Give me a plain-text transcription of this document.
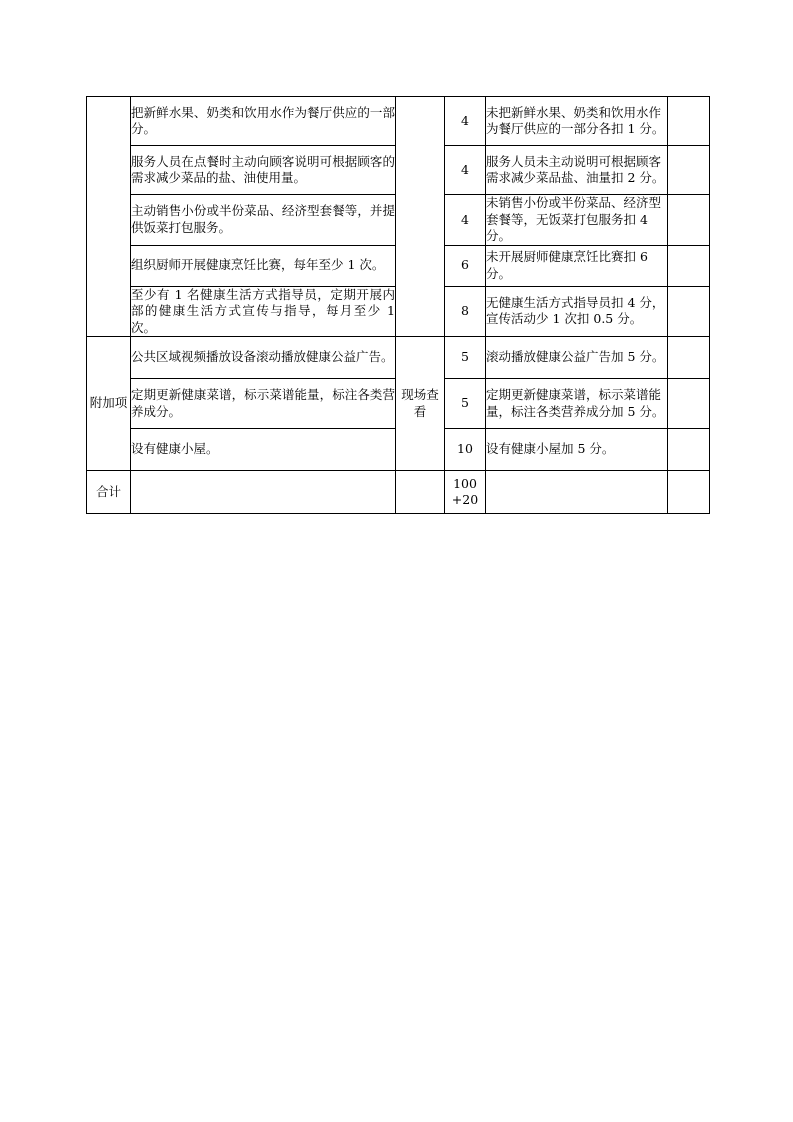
	把新鲜水果、奶类和饮用水作为餐厅供应的一部分。		4	未把新鲜水果、奶类和饮用水作为餐厅供应的一部分各扣 1 分。	
	服务人员在点餐时主动向顾客说明可根据顾客的需求减少菜品的盐、油使用量。		4	服务人员未主动说明可根据顾客需求减少菜品盐、油量扣 2 分。	
	主动销售小份或半份菜品、经济型套餐等，并提供饭菜打包服务。		4	未销售小份或半份菜品、经济型套餐等，无饭菜打包服务扣 4 分。	
	组织厨师开展健康烹饪比赛，每年至少 1 次。		6	未开展厨师健康烹饪比赛扣 6 分。	
	至少有 1 名健康生活方式指导员，定期开展内部的健康生活方式宣传与指导，每月至少 1 次。		8	无健康生活方式指导员扣 4 分，宣传活动少 1 次扣 0.5 分。	
附加项	公共区域视频播放设备滚动播放健康公益广告。	现场查看	5	滚动播放健康公益广告加 5 分。	
	定期更新健康菜谱，标示菜谱能量，标注各类营养成分。		5	定期更新健康菜谱，标示菜谱能量，标注各类营养成分加 5 分。	
	设有健康小屋。		10	设有健康小屋加 5 分。	
合计			100 +20		
